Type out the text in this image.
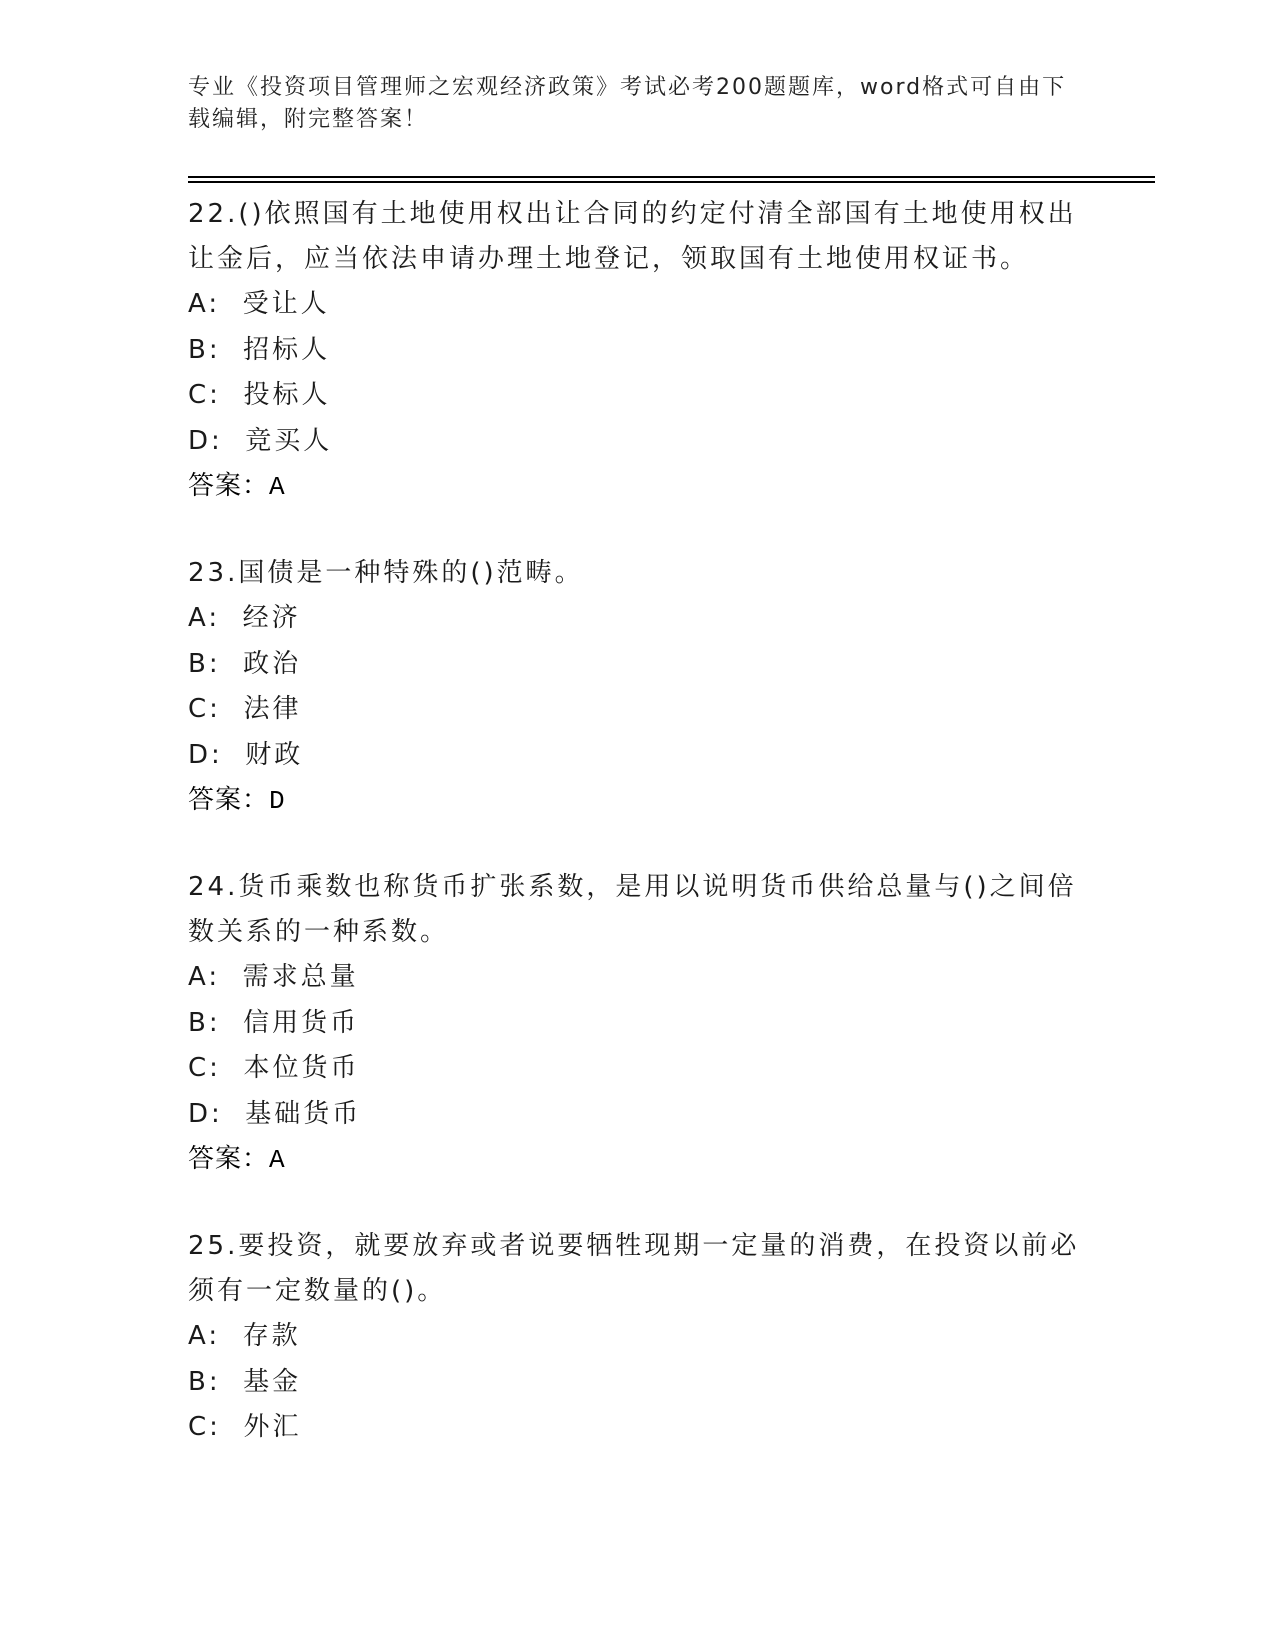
专业《投资项目管理师之宏观经济政策》考试必考200题题库，word格式可自由下载编辑，附完整答案！
22.()依照国有土地使用权出让合同的约定付清全部国有土地使用权出让金后，应当依法申请办理土地登记，领取国有土地使用权证书。
A:  受让人
B:  招标人
C:  投标人
D:  竞买人
答案：A
23.国债是一种特殊的()范畴。
A:  经济
B:  政治
C:  法律
D:  财政
答案：D
24.货币乘数也称货币扩张系数，是用以说明货币供给总量与()之间倍数关系的一种系数。
A:  需求总量
B:  信用货币
C:  本位货币
D:  基础货币
答案：A
25.要投资，就要放弃或者说要牺牲现期一定量的消费，在投资以前必须有一定数量的()。
A:  存款
B:  基金
C:  外汇
